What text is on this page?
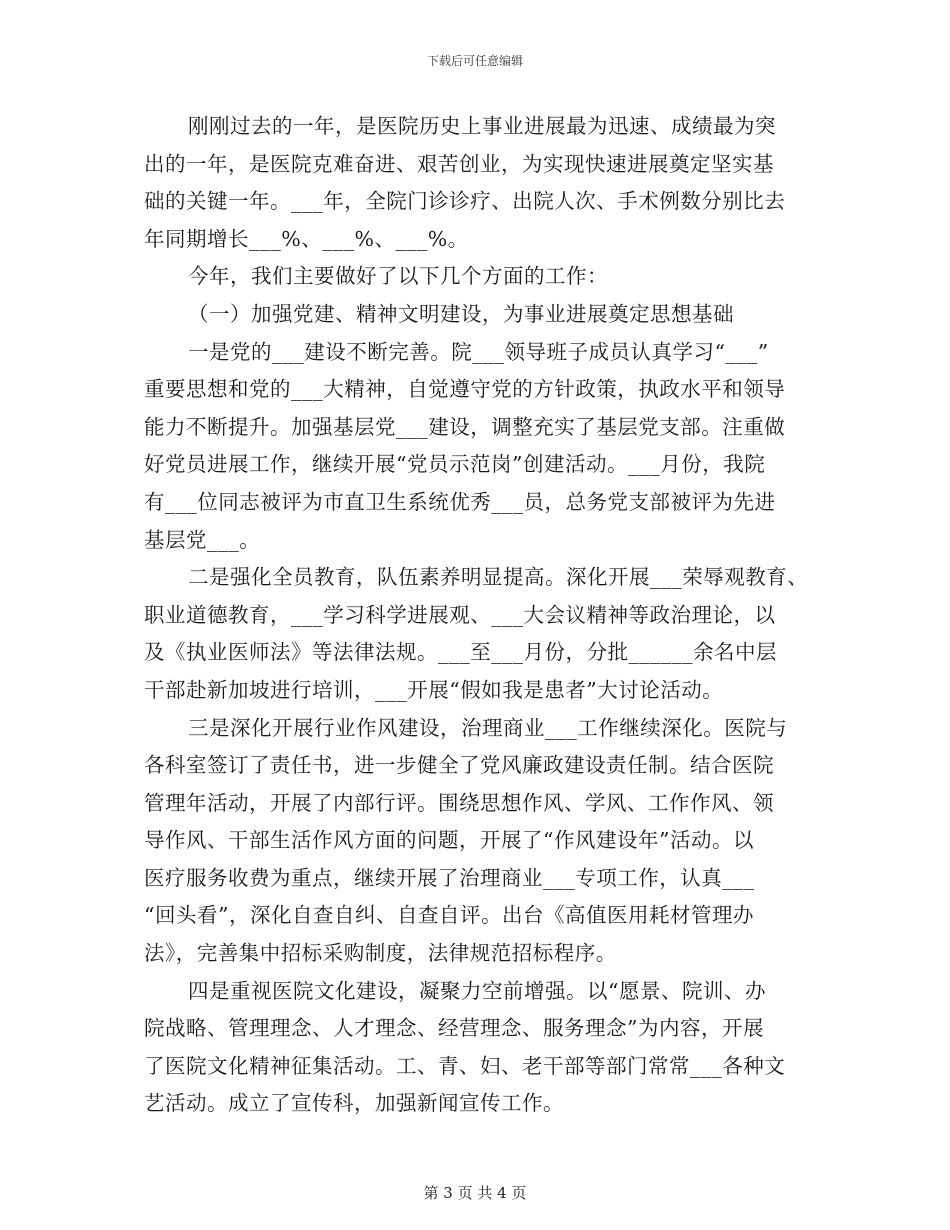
下载后可任意编辑
刚刚过去的一年，是医院历史上事业进展最为迅速、成绩最为突
出的一年，是医院克难奋进、艰苦创业，为实现快速进展奠定坚实基
础的关键一年。___年，全院门诊诊疗、出院人次、手术例数分别比去
年同期增长___%、___%、___%。
今年，我们主要做好了以下几个方面的工作：
（一）加强党建、精神文明建设，为事业进展奠定思想基础
一是党的___建设不断完善。院___领导班子成员认真学习“___”
重要思想和党的___大精神，自觉遵守党的方针政策，执政水平和领导
能力不断提升。加强基层党___建设，调整充实了基层党支部。注重做
好党员进展工作，继续开展“党员示范岗”创建活动。___月份，我院
有___位同志被评为市直卫生系统优秀___员，总务党支部被评为先进
基层党___。
二是强化全员教育，队伍素养明显提高。深化开展___荣辱观教育、
职业道德教育，___学习科学进展观、___大会议精神等政治理论，以
及《执业医师法》等法律法规。___至___月份，分批______余名中层
干部赴新加坡进行培训，___开展“假如我是患者”大讨论活动。
三是深化开展行业作风建设，治理商业___工作继续深化。医院与
各科室签订了责任书，进一步健全了党风廉政建设责任制。结合医院
管理年活动，开展了内部行评。围绕思想作风、学风、工作作风、领
导作风、干部生活作风方面的问题，开展了“作风建设年”活动。以
医疗服务收费为重点，继续开展了治理商业___专项工作，认真___
“回头看”，深化自查自纠、自查自评。出台《高值医用耗材管理办
法》，完善集中招标采购制度，法律规范招标程序。
四是重视医院文化建设，凝聚力空前增强。以“愿景、院训、办
院战略、管理理念、人才理念、经营理念、服务理念”为内容，开展
了医院文化精神征集活动。工、青、妇、老干部等部门常常___各种文
艺活动。成立了宣传科，加强新闻宣传工作。
第 3 页 共 4 页
